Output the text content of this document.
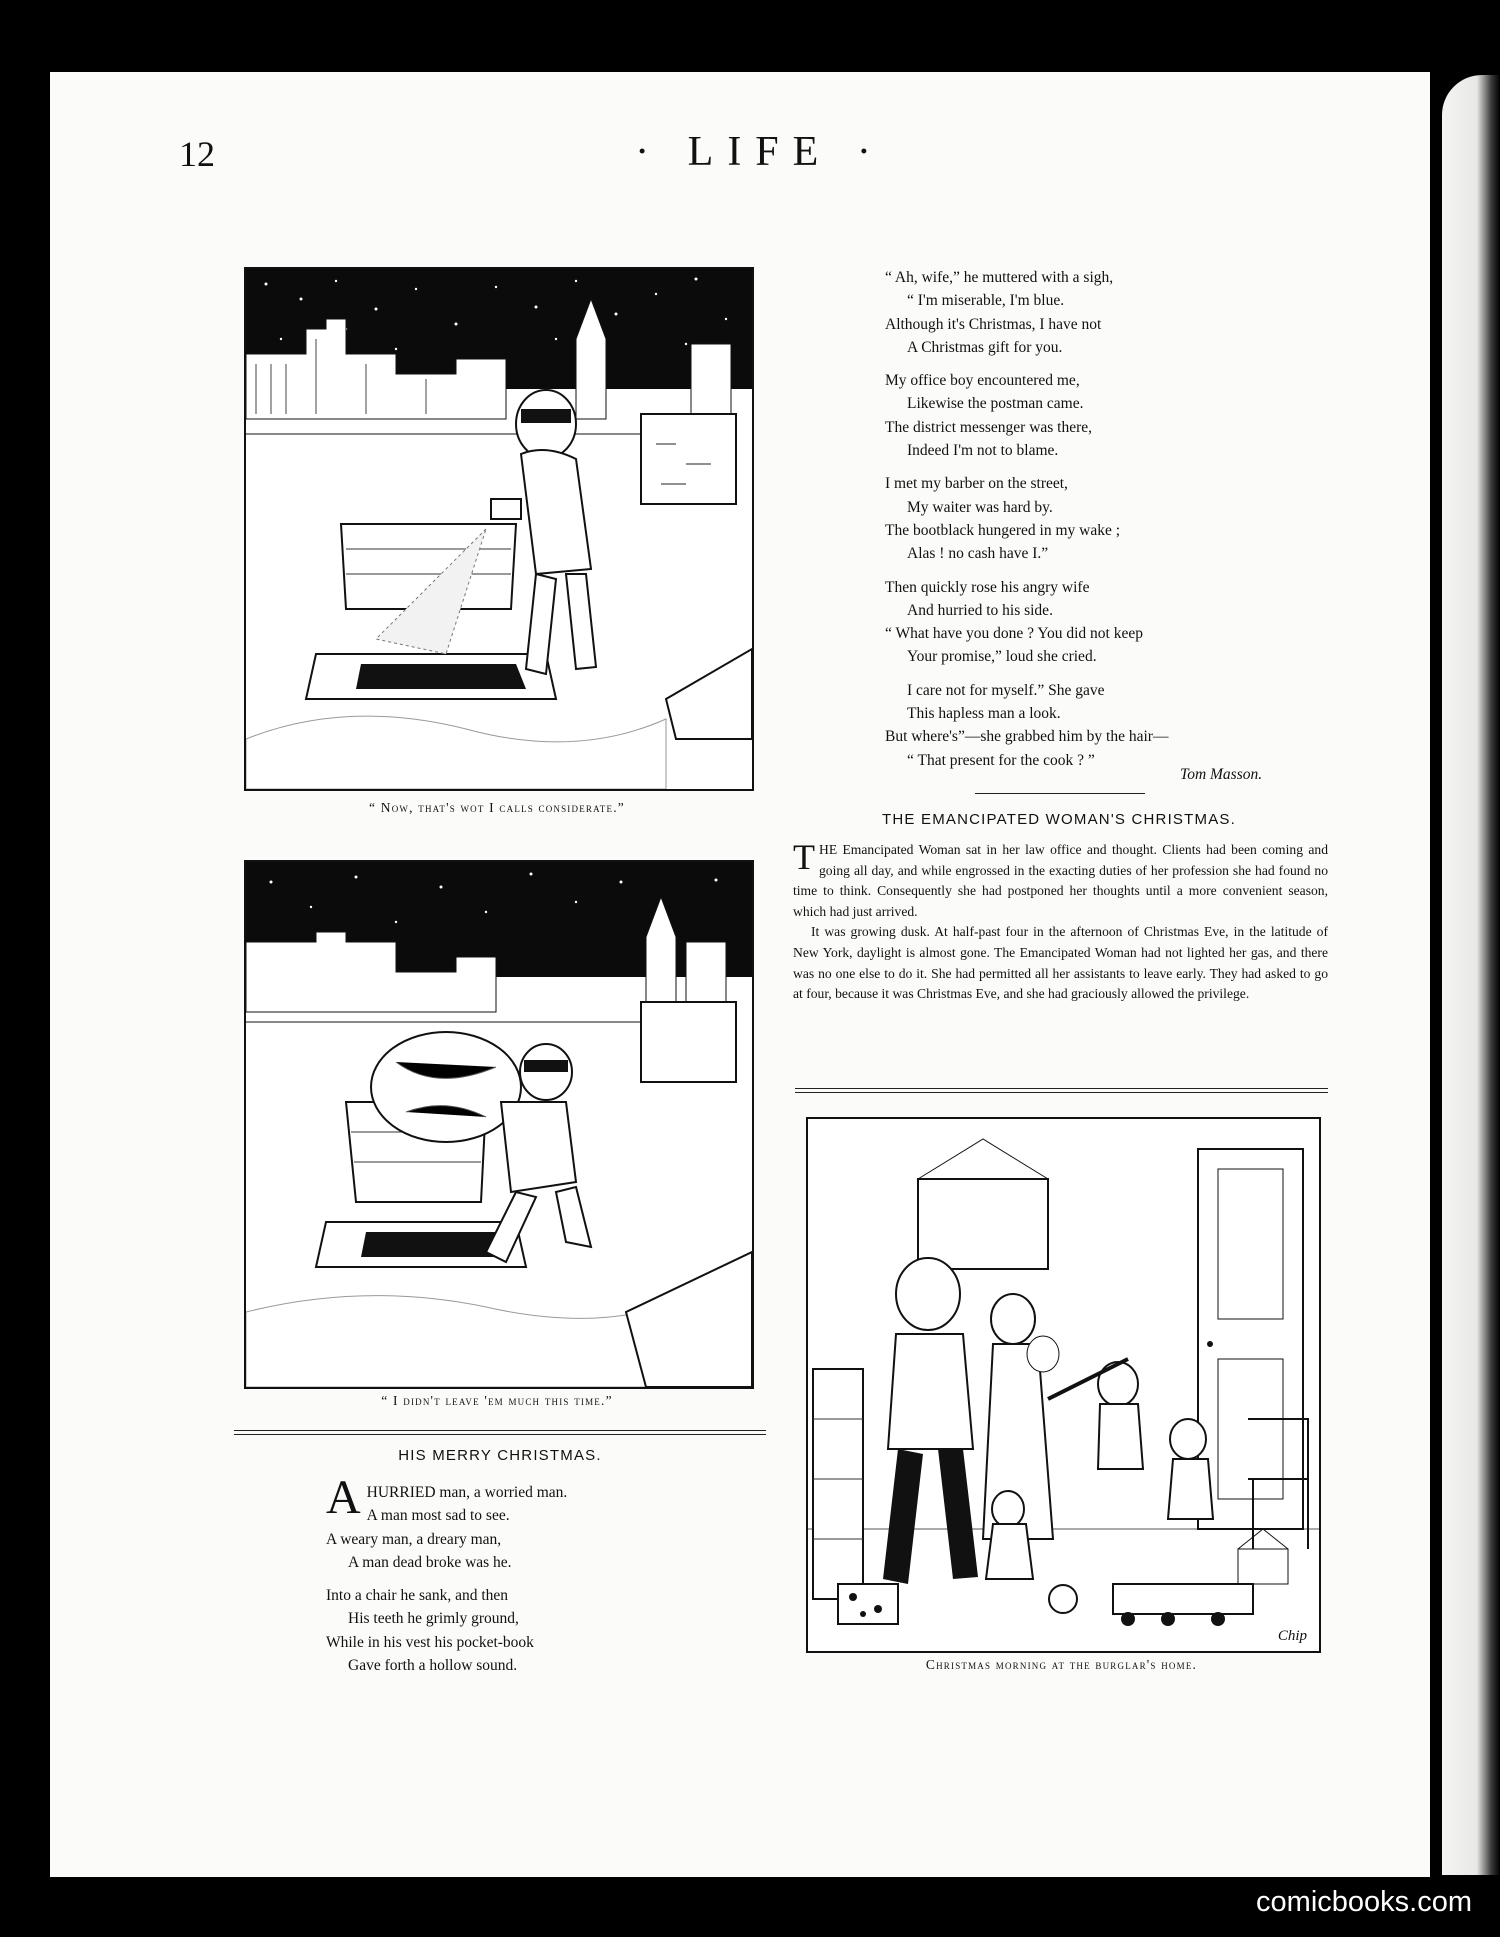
12	· LIFE ·
“ Now, that's wot I calls considerate.”
“ I didn't leave 'em much this time.”
HIS MERRY CHRISTMAS.
A HURRIED man, a worried man.
A man most sad to see.
A weary man, a dreary man,
A man dead broke was he.
Into a chair he sank, and then
His teeth he grimly ground,
While in his vest his pocket-book
Gave forth a hollow sound.
“ Ah, wife,” he muttered with a sigh,
“ I'm miserable, I'm blue.
Although it's Christmas, I have not
A Christmas gift for you.
My office boy encountered me,
Likewise the postman came.
The district messenger was there,
Indeed I'm not to blame.
I met my barber on the street,
My waiter was hard by.
The bootblack hungered in my wake ;
Alas ! no cash have I.”
Then quickly rose his angry wife
And hurried to his side.
“ What have you done ? You did not keep
Your promise,” loud she cried.
I care not for myself.” She gave
This hapless man a look.
But where's”—she grabbed him by the hair—
“ That present for the cook ? ”
Tom Masson.
THE EMANCIPATED WOMAN'S CHRISTMAS.

THE Emancipated Woman sat in her law office and thought. Clients had been coming and going all day, and while engrossed in the exacting duties of her profession she had found no time to think. Consequently she had postponed her thoughts until a more convenient season, which had just arrived.

It was growing dusk. At half-past four in the afternoon of Christmas Eve, in the latitude of New York, daylight is almost gone. The Emancipated Woman had not lighted her gas, and there was no one else to do it. She had permitted all her assistants to leave early. They had asked to go at four, because it was Christmas Eve, and she had graciously allowed the privilege.

Chip
Christmas morning at the burglar's home.
comicbooks.com
